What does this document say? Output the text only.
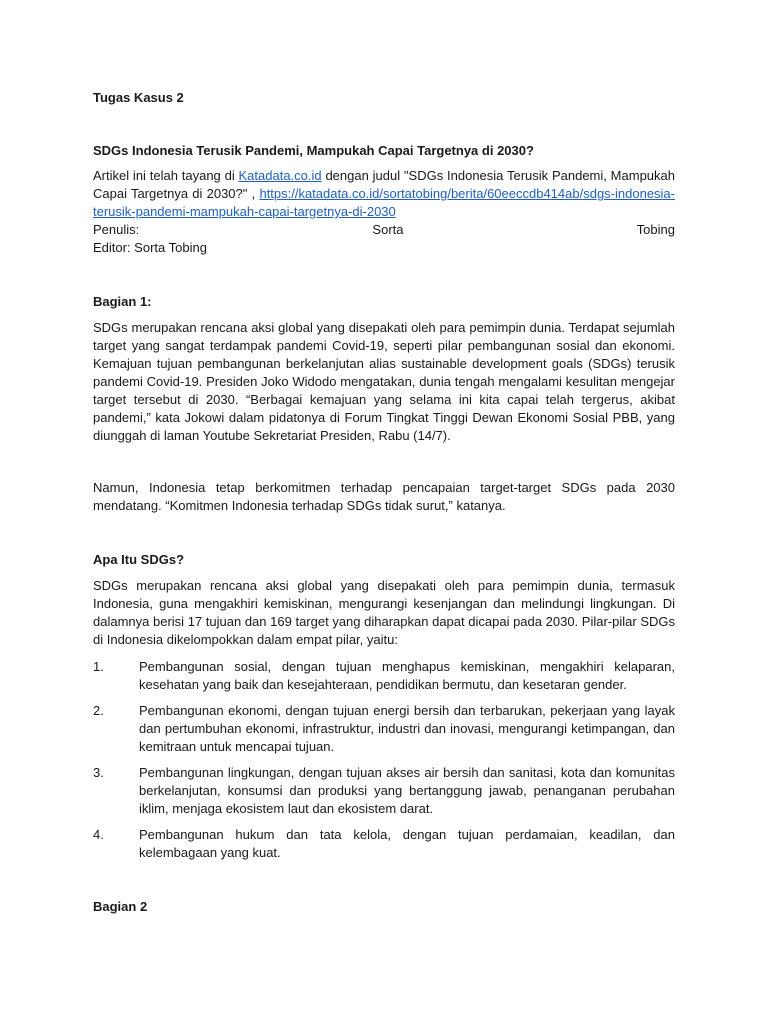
Tugas Kasus 2

SDGs Indonesia Terusik Pandemi, Mampukah Capai Targetnya di 2030?

Artikel ini telah tayang di Katadata.co.id dengan judul "SDGs Indonesia Terusik Pandemi, Mampukah Capai Targetnya di 2030?" , https://katadata.co.id/sortatobing/berita/60eeccdb414ab/sdgs-indonesia-terusik-pandemi-mampukah-capai-targetnya-di-2030

Penulis:	Sorta	Tobing

Editor: Sorta Tobing

Bagian 1:

SDGs merupakan rencana aksi global yang disepakati oleh para pemimpin dunia. Terdapat sejumlah target yang sangat terdampak pandemi Covid-19, seperti pilar pembangunan sosial dan ekonomi. Kemajuan tujuan pembangunan berkelanjutan alias sustainable development goals (SDGs) terusik pandemi Covid-19. Presiden Joko Widodo mengatakan, dunia tengah mengalami kesulitan mengejar target tersebut di 2030. “Berbagai kemajuan yang selama ini kita capai telah tergerus, akibat pandemi,” kata Jokowi dalam pidatonya di Forum Tingkat Tinggi Dewan Ekonomi Sosial PBB, yang diunggah di laman Youtube Sekretariat Presiden, Rabu (14/7).

Namun, Indonesia tetap berkomitmen terhadap pencapaian target-target SDGs pada 2030 mendatang. “Komitmen Indonesia terhadap SDGs tidak surut,” katanya.

Apa Itu SDGs?

SDGs merupakan rencana aksi global yang disepakati oleh para pemimpin dunia, termasuk Indonesia, guna mengakhiri kemiskinan, mengurangi kesenjangan dan melindungi lingkungan. Di dalamnya berisi 17 tujuan dan 169 target yang diharapkan dapat dicapai pada 2030. Pilar-pilar SDGs di Indonesia dikelompokkan dalam empat pilar, yaitu:

1.	Pembangunan sosial, dengan tujuan menghapus kemiskinan, mengakhiri kelaparan, kesehatan yang baik dan kesejahteraan, pendidikan bermutu, dan kesetaran gender.
2.	Pembangunan ekonomi, dengan tujuan energi bersih dan terbarukan, pekerjaan yang layak dan pertumbuhan ekonomi, infrastruktur, industri dan inovasi, mengurangi ketimpangan, dan kemitraan untuk mencapai tujuan.
3.	Pembangunan lingkungan, dengan tujuan akses air bersih dan sanitasi, kota dan komunitas berkelanjutan, konsumsi dan produksi yang bertanggung jawab, penanganan perubahan iklim, menjaga ekosistem laut dan ekosistem darat.
4.	Pembangunan hukum dan tata kelola, dengan tujuan perdamaian, keadilan, dan kelembagaan yang kuat.

Bagian 2
